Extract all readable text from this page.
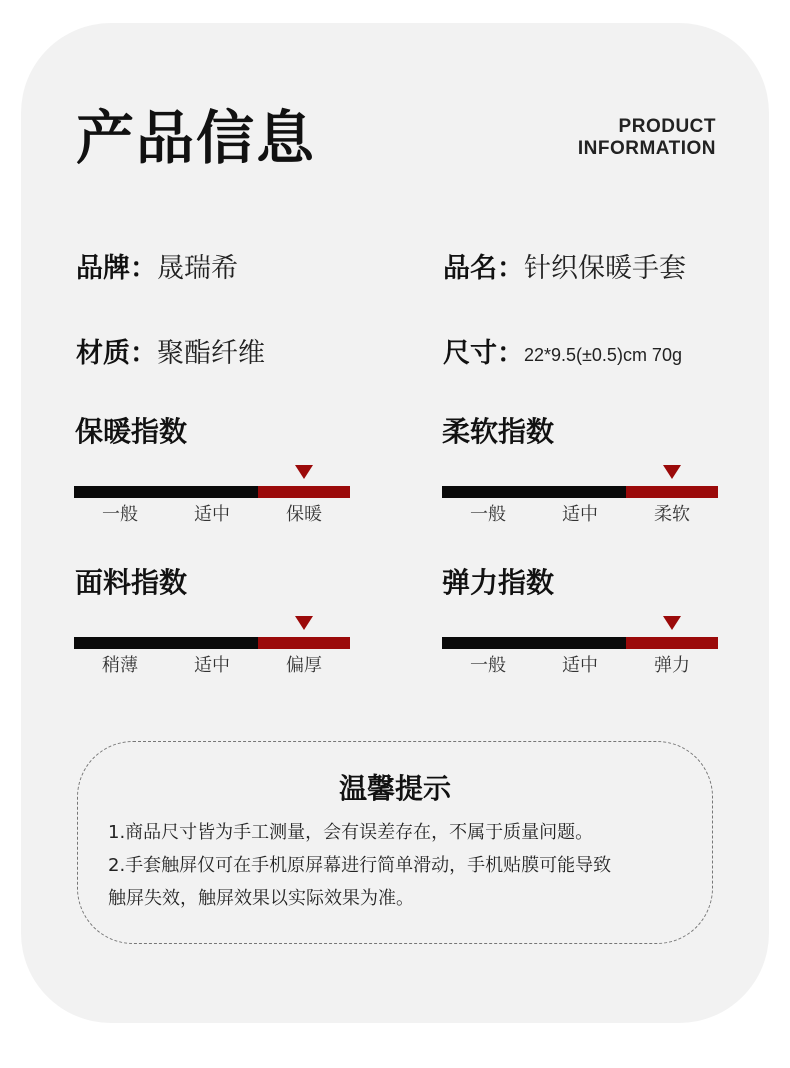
产品信息	PRODUCT
INFORMATION
品牌：晟瑞希	品名：针织保暖手套
材质：聚酯纤维	尺寸：22*9.5(±0.5)cm 70g
保暖指数
一般	适中	保暖
柔软指数
一般	适中	柔软
面料指数
稍薄	适中	偏厚
弹力指数
一般	适中	弹力
温馨提示
1.商品尺寸皆为手工测量，会有误差存在，不属于质量问题。
2.手套触屏仅可在手机原屏幕进行简单滑动，手机贴膜可能导致
触屏失效，触屏效果以实际效果为准。
